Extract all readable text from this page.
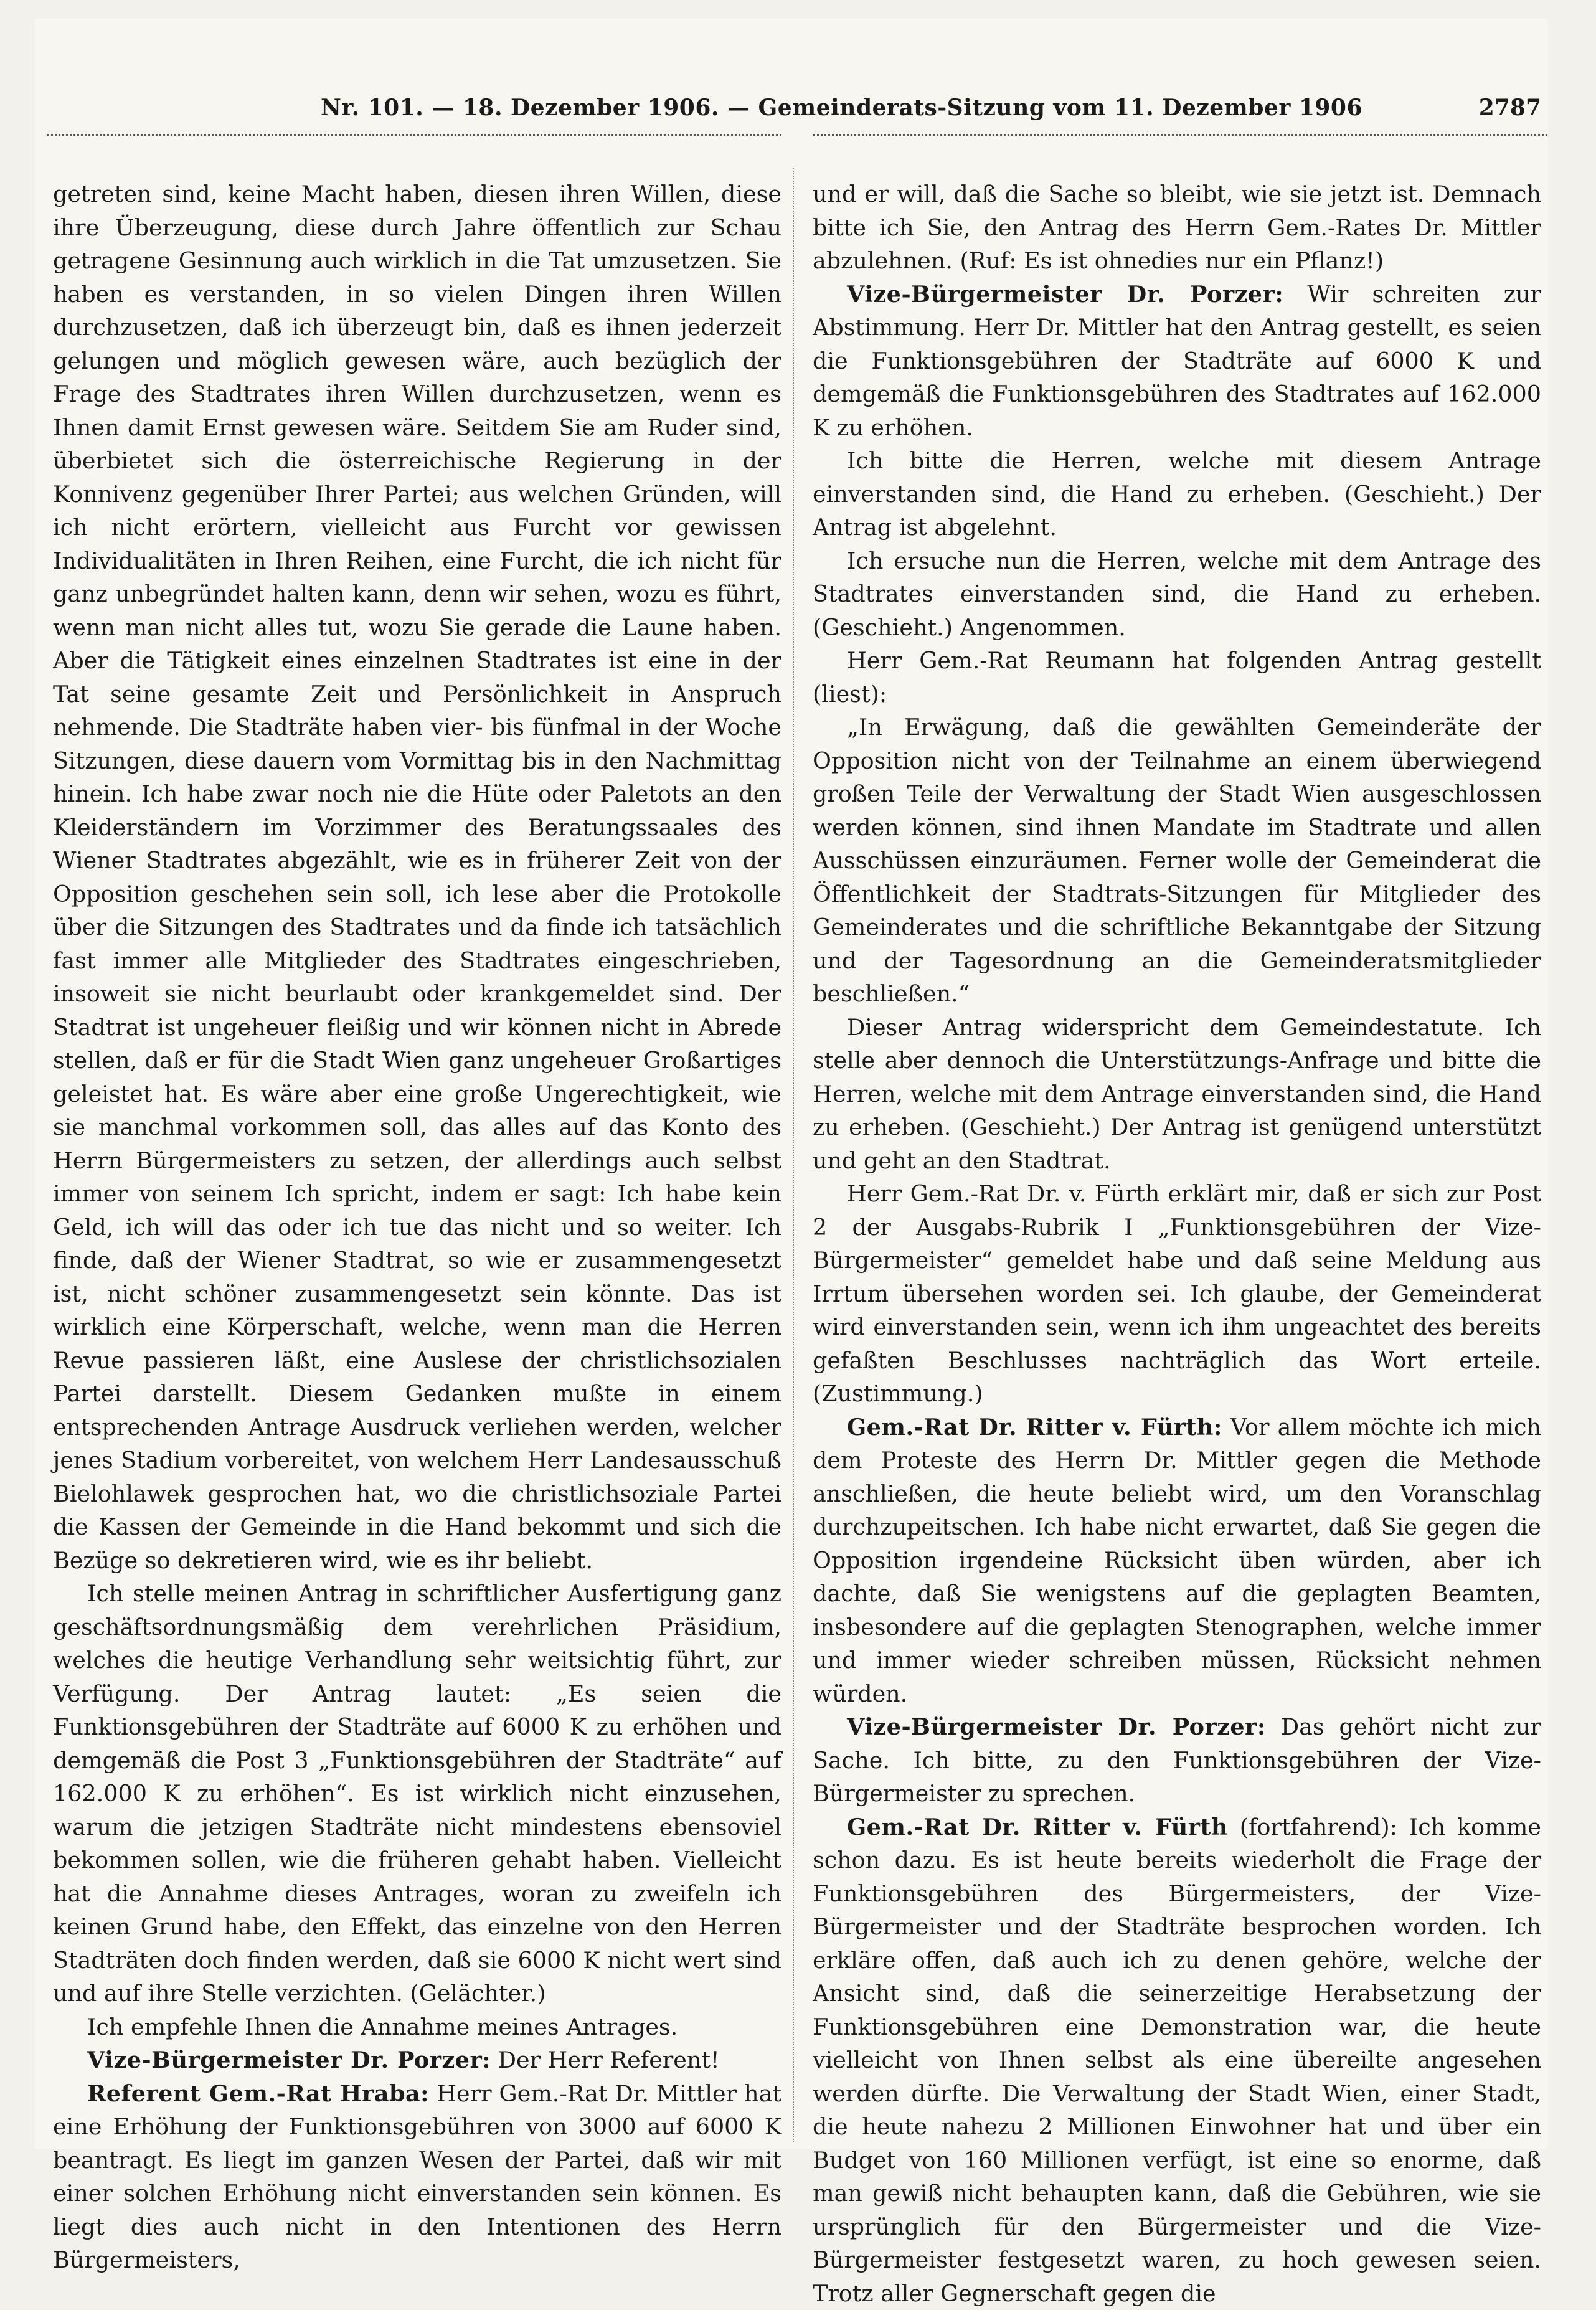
Nr. 101. — 18. Dezember 1906. — Gemeinderats-Sitzung vom 11. Dezember 1906	2787

getreten sind, keine Macht haben, diesen ihren Willen, diese ihre Überzeugung, diese durch Jahre öffentlich zur Schau getragene Gesinnung auch wirklich in die Tat umzusetzen. Sie haben es verstanden, in so vielen Dingen ihren Willen durchzusetzen, daß ich überzeugt bin, daß es ihnen jederzeit gelungen und möglich gewesen wäre, auch bezüglich der Frage des Stadtrates ihren Willen durchzusetzen, wenn es Ihnen damit Ernst gewesen wäre. Seitdem Sie am Ruder sind, überbietet sich die österreichische Regierung in der Konnivenz gegenüber Ihrer Partei; aus welchen Gründen, will ich nicht erörtern, vielleicht aus Furcht vor gewissen Individualitäten in Ihren Reihen, eine Furcht, die ich nicht für ganz unbegründet halten kann, denn wir sehen, wozu es führt, wenn man nicht alles tut, wozu Sie gerade die Laune haben. Aber die Tätigkeit eines einzelnen Stadtrates ist eine in der Tat seine gesamte Zeit und Persönlichkeit in Anspruch nehmende. Die Stadträte haben vier- bis fünfmal in der Woche Sitzungen, diese dauern vom Vormittag bis in den Nachmittag hinein. Ich habe zwar noch nie die Hüte oder Paletots an den Kleiderständern im Vorzimmer des Beratungssaales des Wiener Stadtrates abgezählt, wie es in früherer Zeit von der Opposition geschehen sein soll, ich lese aber die Protokolle über die Sitzungen des Stadtrates und da finde ich tatsächlich fast immer alle Mitglieder des Stadtrates eingeschrieben, insoweit sie nicht beurlaubt oder krankgemeldet sind. Der Stadtrat ist ungeheuer fleißig und wir können nicht in Abrede stellen, daß er für die Stadt Wien ganz ungeheuer Großartiges geleistet hat. Es wäre aber eine große Ungerechtigkeit, wie sie manchmal vorkommen soll, das alles auf das Konto des Herrn Bürgermeisters zu setzen, der allerdings auch selbst immer von seinem Ich spricht, indem er sagt: Ich habe kein Geld, ich will das oder ich tue das nicht und so weiter. Ich finde, daß der Wiener Stadtrat, so wie er zusammengesetzt ist, nicht schöner zusammengesetzt sein könnte. Das ist wirklich eine Körperschaft, welche, wenn man die Herren Revue passieren läßt, eine Auslese der christlichsozialen Partei darstellt. Diesem Gedanken mußte in einem entsprechenden Antrage Ausdruck verliehen werden, welcher jenes Stadium vorbereitet, von welchem Herr Landesausschuß Bielohlawek gesprochen hat, wo die christlichsoziale Partei die Kassen der Gemeinde in die Hand bekommt und sich die Bezüge so dekretieren wird, wie es ihr beliebt.

Ich stelle meinen Antrag in schriftlicher Ausfertigung ganz geschäftsordnungsmäßig dem verehrlichen Präsidium, welches die heutige Verhandlung sehr weitsichtig führt, zur Verfügung. Der Antrag lautet: „Es seien die Funktionsgebühren der Stadträte auf 6000 K zu erhöhen und demgemäß die Post 3 „Funktionsgebühren der Stadträte“ auf 162.000 K zu erhöhen“. Es ist wirklich nicht einzusehen, warum die jetzigen Stadträte nicht mindestens ebensoviel bekommen sollen, wie die früheren gehabt haben. Vielleicht hat die Annahme dieses Antrages, woran zu zweifeln ich keinen Grund habe, den Effekt, das einzelne von den Herren Stadträten doch finden werden, daß sie 6000 K nicht wert sind und auf ihre Stelle verzichten. (Gelächter.)

Ich empfehle Ihnen die Annahme meines Antrages.

Vize-Bürgermeister Dr. Porzer: Der Herr Referent!

Referent Gem.-Rat Hraba: Herr Gem.-Rat Dr. Mittler hat eine Erhöhung der Funktionsgebühren von 3000 auf 6000 K beantragt. Es liegt im ganzen Wesen der Partei, daß wir mit einer solchen Erhöhung nicht einverstanden sein können. Es liegt dies auch nicht in den Intentionen des Herrn Bürgermeisters,

und er will, daß die Sache so bleibt, wie sie jetzt ist. Demnach bitte ich Sie, den Antrag des Herrn Gem.-Rates Dr. Mittler abzulehnen. (Ruf: Es ist ohnedies nur ein Pflanz!)

Vize-Bürgermeister Dr. Porzer: Wir schreiten zur Abstimmung. Herr Dr. Mittler hat den Antrag gestellt, es seien die Funktionsgebühren der Stadträte auf 6000 K und demgemäß die Funktionsgebühren des Stadtrates auf 162.000 K zu erhöhen.

Ich bitte die Herren, welche mit diesem Antrage einverstanden sind, die Hand zu erheben. (Geschieht.) Der Antrag ist abgelehnt.

Ich ersuche nun die Herren, welche mit dem Antrage des Stadtrates einverstanden sind, die Hand zu erheben. (Geschieht.) Angenommen.

Herr Gem.-Rat Reumann hat folgenden Antrag gestellt (liest):

„In Erwägung, daß die gewählten Gemeinderäte der Opposition nicht von der Teilnahme an einem überwiegend großen Teile der Verwaltung der Stadt Wien ausgeschlossen werden können, sind ihnen Mandate im Stadtrate und allen Ausschüssen einzuräumen. Ferner wolle der Gemeinderat die Öffentlichkeit der Stadtrats-Sitzungen für Mitglieder des Gemeinderates und die schriftliche Bekanntgabe der Sitzung und der Tagesordnung an die Gemeinderatsmitglieder beschließen.“

Dieser Antrag widerspricht dem Gemeindestatute. Ich stelle aber dennoch die Unterstützungs-Anfrage und bitte die Herren, welche mit dem Antrage einverstanden sind, die Hand zu erheben. (Geschieht.) Der Antrag ist genügend unterstützt und geht an den Stadtrat.

Herr Gem.-Rat Dr. v. Fürth erklärt mir, daß er sich zur Post 2 der Ausgabs-Rubrik I „Funktionsgebühren der Vize-Bürgermeister“ gemeldet habe und daß seine Meldung aus Irrtum übersehen worden sei. Ich glaube, der Gemeinderat wird einverstanden sein, wenn ich ihm ungeachtet des bereits gefaßten Beschlusses nachträglich das Wort erteile. (Zustimmung.)

Gem.-Rat Dr. Ritter v. Fürth: Vor allem möchte ich mich dem Proteste des Herrn Dr. Mittler gegen die Methode anschließen, die heute beliebt wird, um den Voranschlag durchzupeitschen. Ich habe nicht erwartet, daß Sie gegen die Opposition irgendeine Rücksicht üben würden, aber ich dachte, daß Sie wenigstens auf die geplagten Beamten, insbesondere auf die geplagten Stenographen, welche immer und immer wieder schreiben müssen, Rücksicht nehmen würden.

Vize-Bürgermeister Dr. Porzer: Das gehört nicht zur Sache. Ich bitte, zu den Funktionsgebühren der Vize-Bürgermeister zu sprechen.

Gem.-Rat Dr. Ritter v. Fürth (fortfahrend): Ich komme schon dazu. Es ist heute bereits wiederholt die Frage der Funktionsgebühren des Bürgermeisters, der Vize-Bürgermeister und der Stadträte besprochen worden. Ich erkläre offen, daß auch ich zu denen gehöre, welche der Ansicht sind, daß die seinerzeitige Herabsetzung der Funktionsgebühren eine Demonstration war, die heute vielleicht von Ihnen selbst als eine übereilte angesehen werden dürfte. Die Verwaltung der Stadt Wien, einer Stadt, die heute nahezu 2 Millionen Einwohner hat und über ein Budget von 160 Millionen verfügt, ist eine so enorme, daß man gewiß nicht behaupten kann, daß die Gebühren, wie sie ursprünglich für den Bürgermeister und die Vize-Bürgermeister festgesetzt waren, zu hoch gewesen seien. Trotz aller Gegnerschaft gegen die
